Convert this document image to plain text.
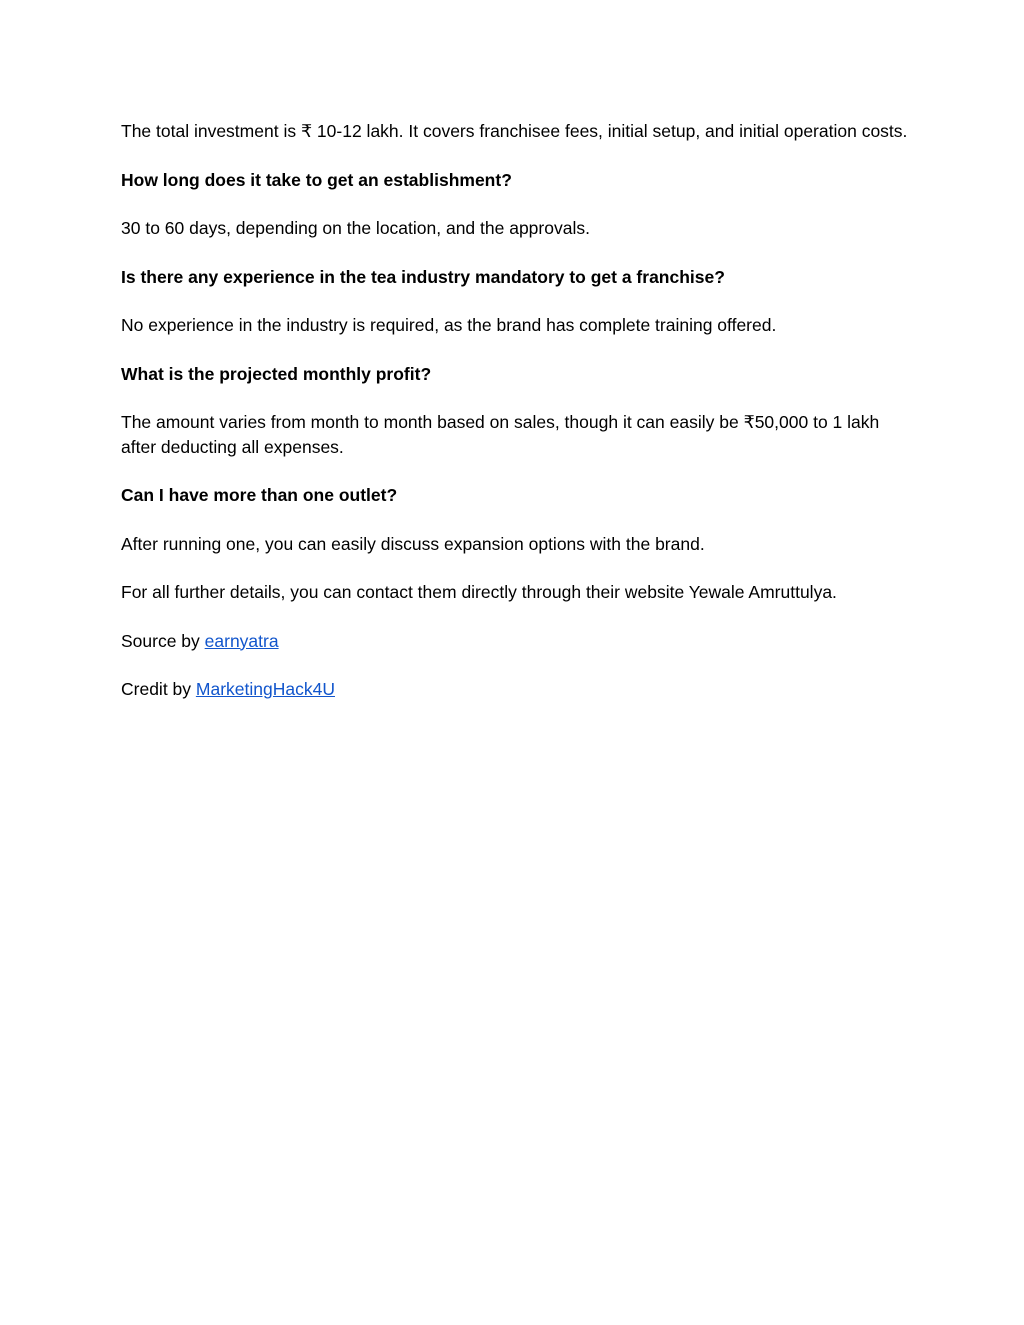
The total investment is ₹ 10-12 lakh. It covers franchisee fees, initial setup, and initial operation costs.

How long does it take to get an establishment?

30 to 60 days, depending on the location, and the approvals.

Is there any experience in the tea industry mandatory to get a franchise?

No experience in the industry is required, as the brand has complete training offered.

What is the projected monthly profit?

The amount varies from month to month based on sales, though it can easily be ₹50,000 to 1 lakh after deducting all expenses.

Can I have more than one outlet?

After running one, you can easily discuss expansion options with the brand.

For all further details, you can contact them directly through their website Yewale Amruttulya.

Source by earnyatra

Credit by MarketingHack4U
